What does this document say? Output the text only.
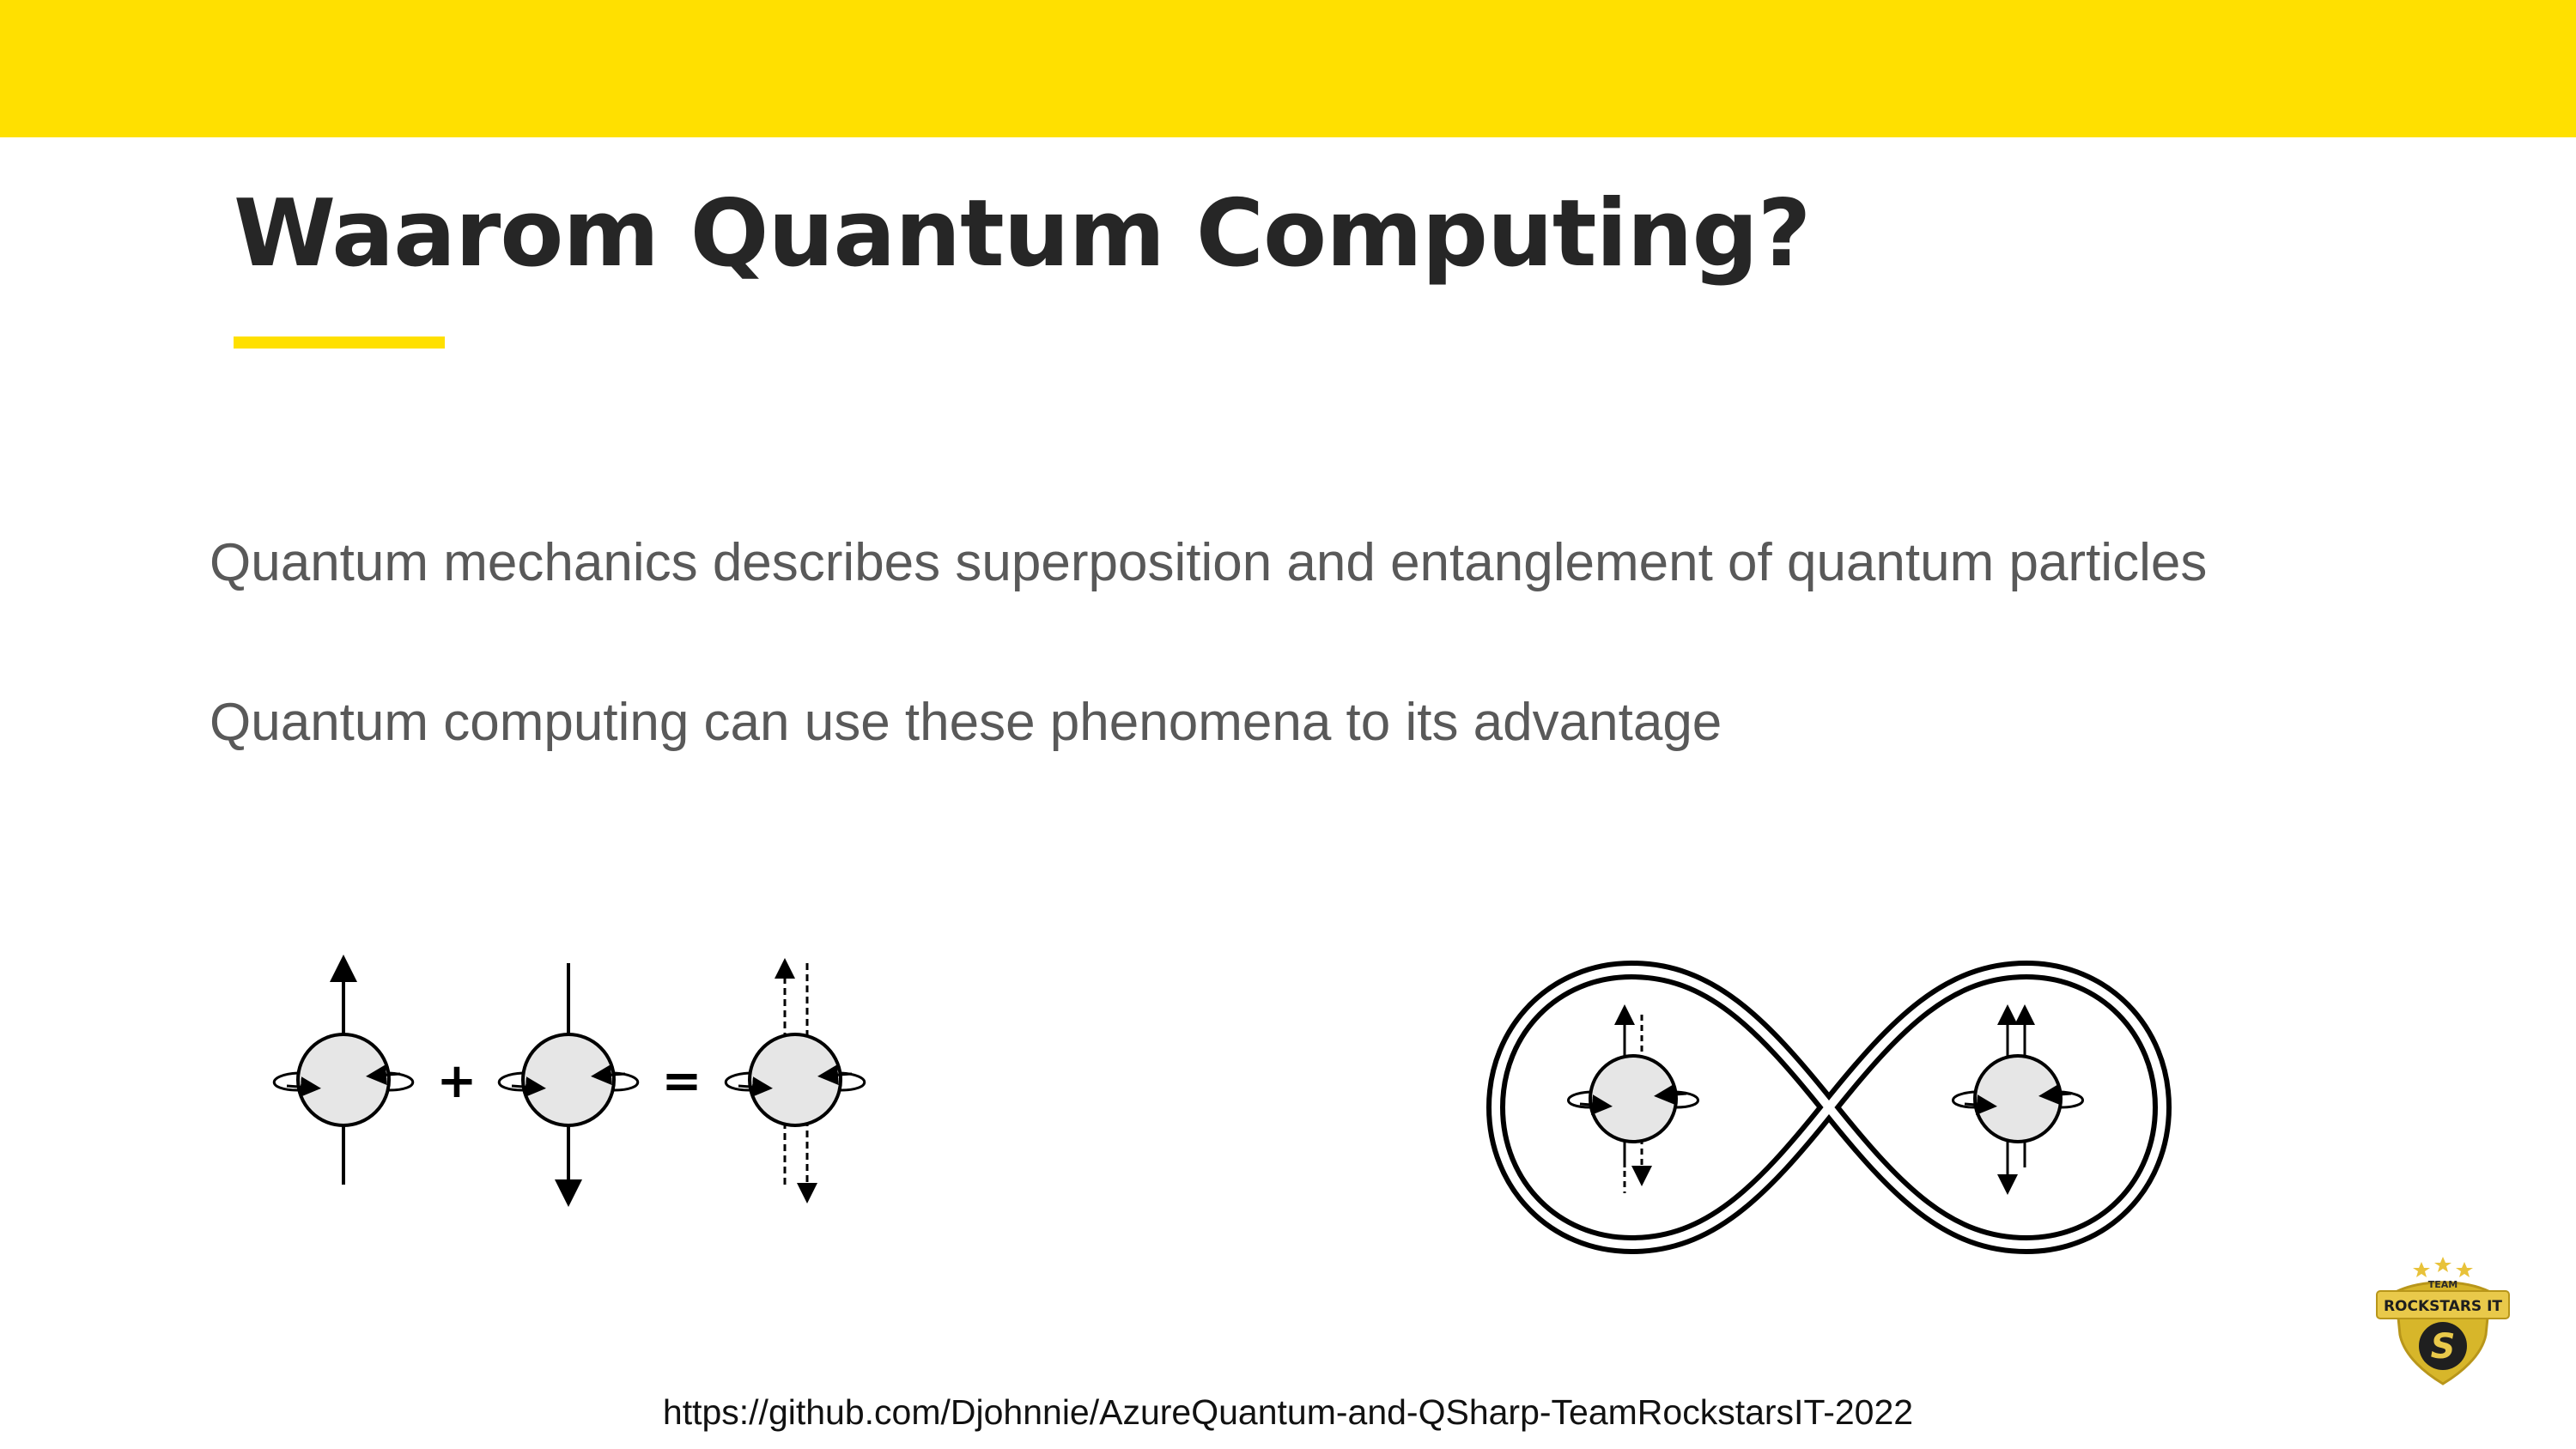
Waarom Quantum Computing?

Quantum mechanics describes superposition and entanglement of quantum particles

Quantum computing can use these phenomena to its advantage

+	=
TEAM
ROCKSTARS IT
S

https://github.com/Djohnnie/AzureQuantum-and-QSharp-TeamRockstarsIT-2022
